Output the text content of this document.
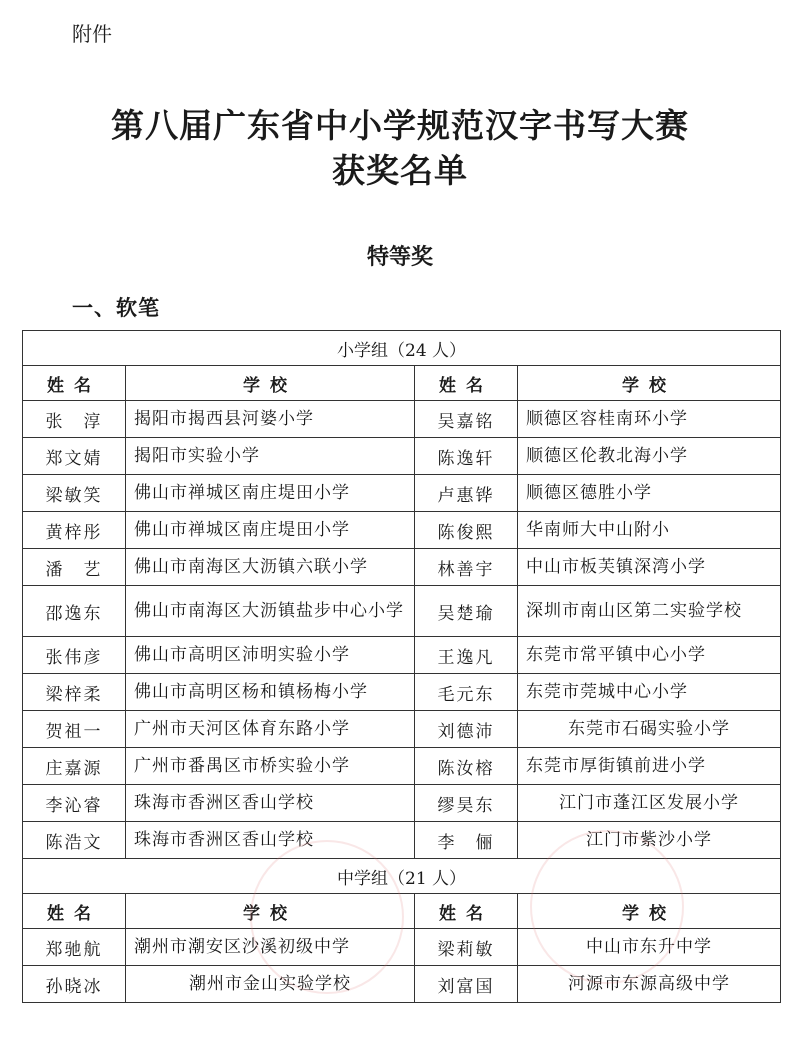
附件
第八届广东省中小学规范汉字书写大赛
获奖名单
特等奖
一、软笔
小学组（24 人）			
姓名	学校	姓名	学校
张　淳	揭阳市揭西县河婆小学	吴嘉铭	顺德区容桂南环小学
郑文婧	揭阳市实验小学	陈逸轩	顺德区伦教北海小学
梁敏笑	佛山市禅城区南庄堤田小学	卢惠铧	顺德区德胜小学
黄梓彤	佛山市禅城区南庄堤田小学	陈俊熙	华南师大中山附小
潘　艺	佛山市南海区大沥镇六联小学	林善宇	中山市板芙镇深湾小学
邵逸东	佛山市南海区大沥镇盐步中心小学	吴楚瑜	深圳市南山区第二实验学校
张伟彦	佛山市高明区沛明实验小学	王逸凡	东莞市常平镇中心小学
梁梓柔	佛山市高明区杨和镇杨梅小学	毛元东	东莞市莞城中心小学
贺祖一	广州市天河区体育东路小学	刘德沛	东莞市石碣实验小学
庄嘉源	广州市番禺区市桥实验小学	陈汝榕	东莞市厚街镇前进小学
李沁睿	珠海市香洲区香山学校	缪昊东	江门市蓬江区发展小学
陈浩文	珠海市香洲区香山学校	李　俪	江门市紫沙小学
中学组（21 人）			
姓名	学校	姓名	学校
郑驰航	潮州市潮安区沙溪初级中学	梁莉敏	中山市东升中学
孙晓冰	潮州市金山实验学校	刘富国	河源市东源高级中学
